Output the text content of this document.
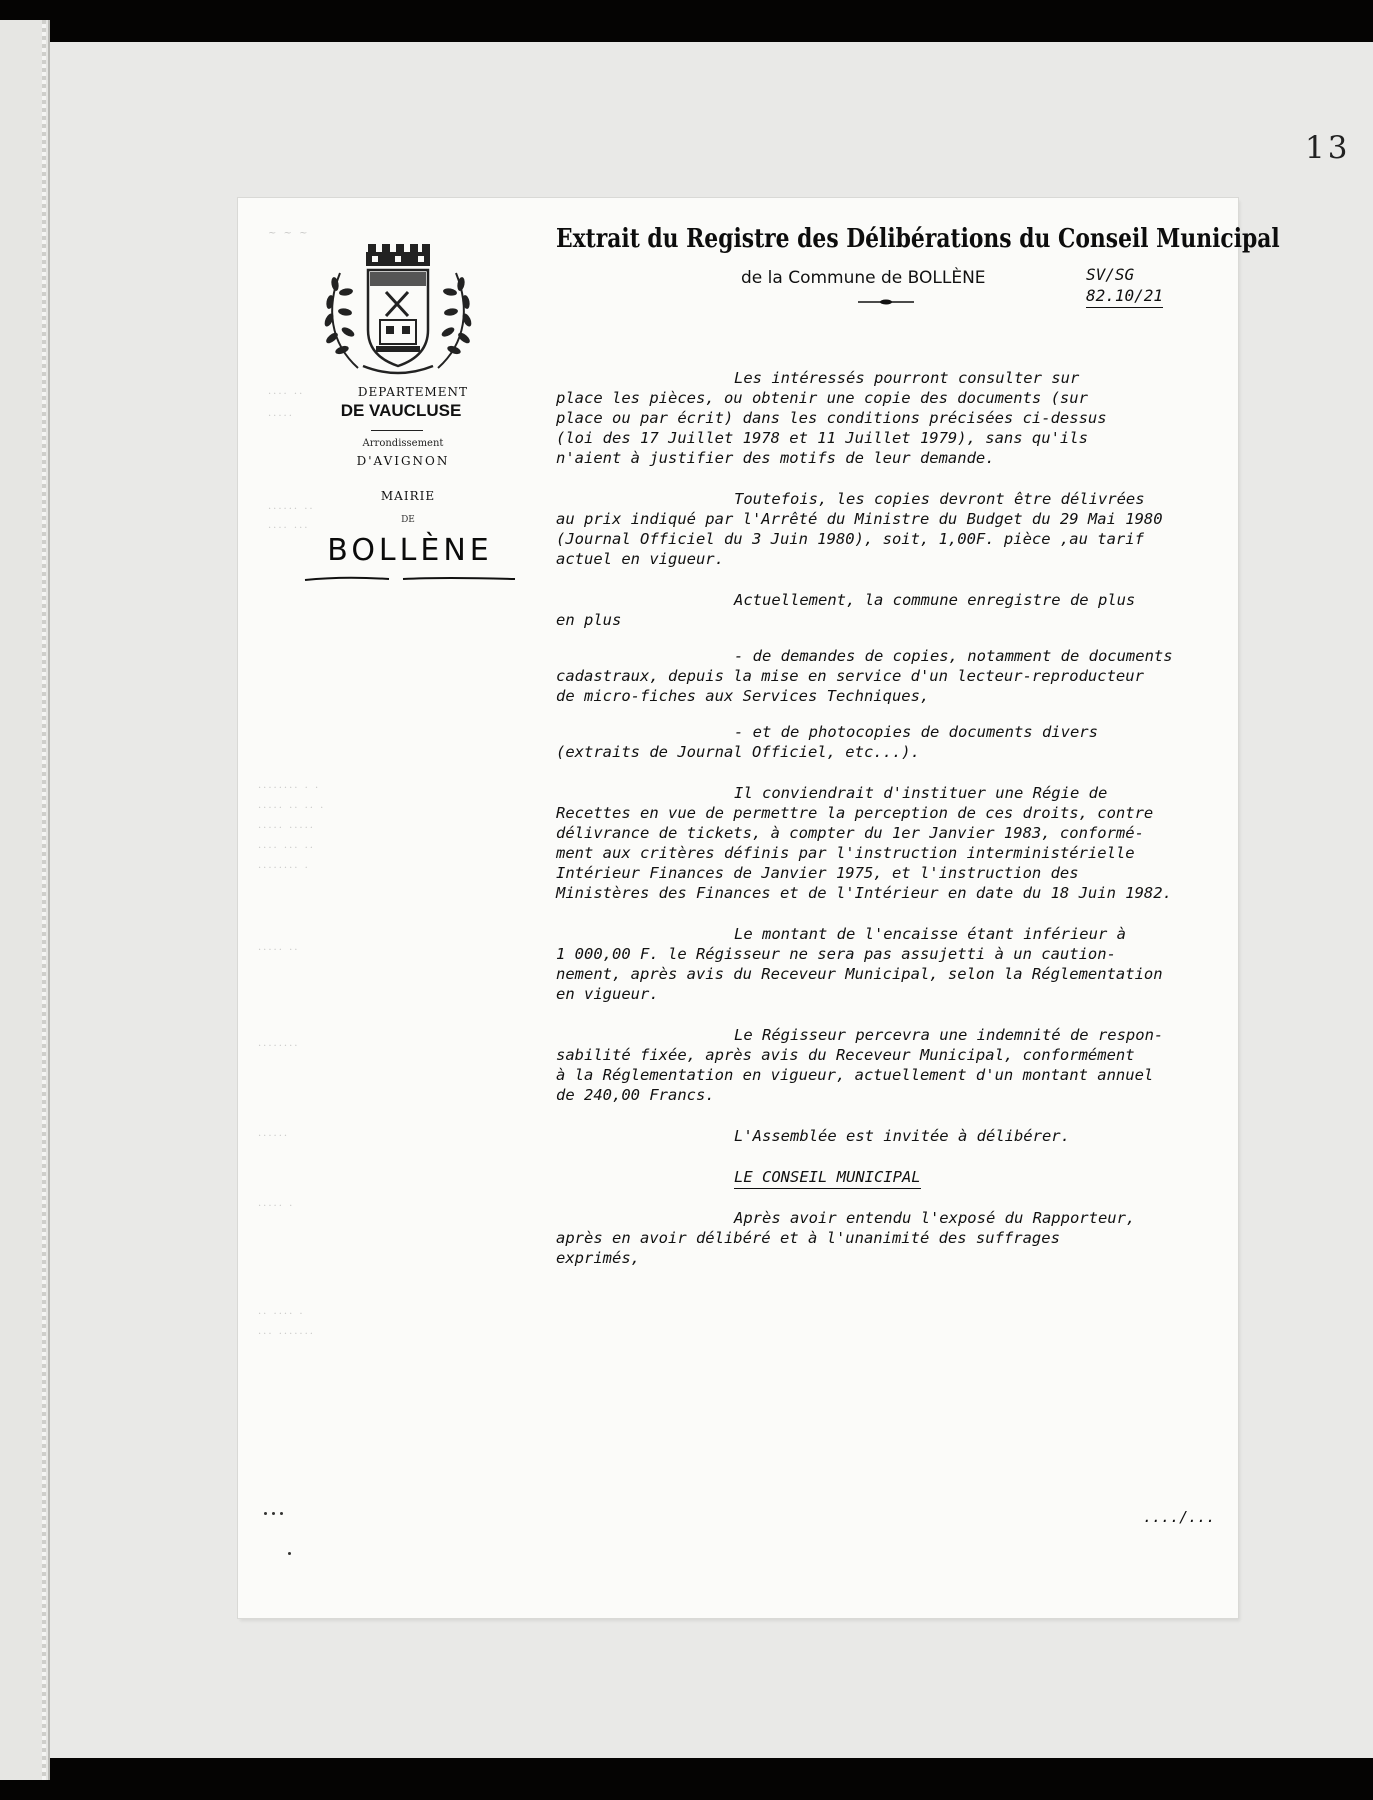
13
DEPARTEMENT
DE VAUCLUSE
Arrondissement
D'AVIGNON
MAIRIE
DE
BOLLÈNE
~ ~ ~
.... ..
.....
...... ..
.... ...
........ . .
..... .. .. .
..... .....
.... ... ..
........ .
..... ..
........
......
..... .
.. .... .
... .......
Extrait du Registre des Délibérations du Conseil Municipal
de la Commune de BOLLÈNE	SV/SG
82.10/21
Les intéressés pourront consulter sur
place les pièces, ou obtenir une copie des documents (sur
place ou par écrit) dans les conditions précisées ci-dessus
(loi des 17 Juillet 1978 et 11 Juillet 1979), sans qu'ils
n'aient à justifier des motifs de leur demande.
Toutefois, les copies devront être délivrées
au prix indiqué par l'Arrêté du Ministre du Budget du 29 Mai 1980
(Journal Officiel du 3 Juin 1980), soit, 1,00F. pièce ,au tarif
actuel en vigueur.
Actuellement, la commune enregistre de plus
en plus
- de demandes de copies, notamment de documents
cadastraux, depuis la mise en service d'un lecteur-reproducteur
de micro-fiches aux Services Techniques,
- et de photocopies de documents divers
(extraits de Journal Officiel, etc...).
Il conviendrait d'instituer une Régie de
Recettes en vue de permettre la perception de ces droits, contre
délivrance de tickets, à compter du 1er Janvier 1983, conformé-
ment aux critères définis par l'instruction interministérielle
Intérieur Finances de Janvier 1975, et l'instruction des
Ministères des Finances et de l'Intérieur en date du 18 Juin 1982.
Le montant de l'encaisse étant inférieur à
1 000,00 F. le Régisseur ne sera pas assujetti à un caution-
nement, après avis du Receveur Municipal, selon la Réglementation
en vigueur.
Le Régisseur percevra une indemnité de respon-
sabilité fixée, après avis du Receveur Municipal, conformément
à la Réglementation en vigueur, actuellement d'un montant annuel
de 240,00 Francs.
L'Assemblée est invitée à délibérer.
LE CONSEIL MUNICIPAL
Après avoir entendu l'exposé du Rapporteur,
après en avoir délibéré et à l'unanimité des suffrages
exprimés,
..../...
